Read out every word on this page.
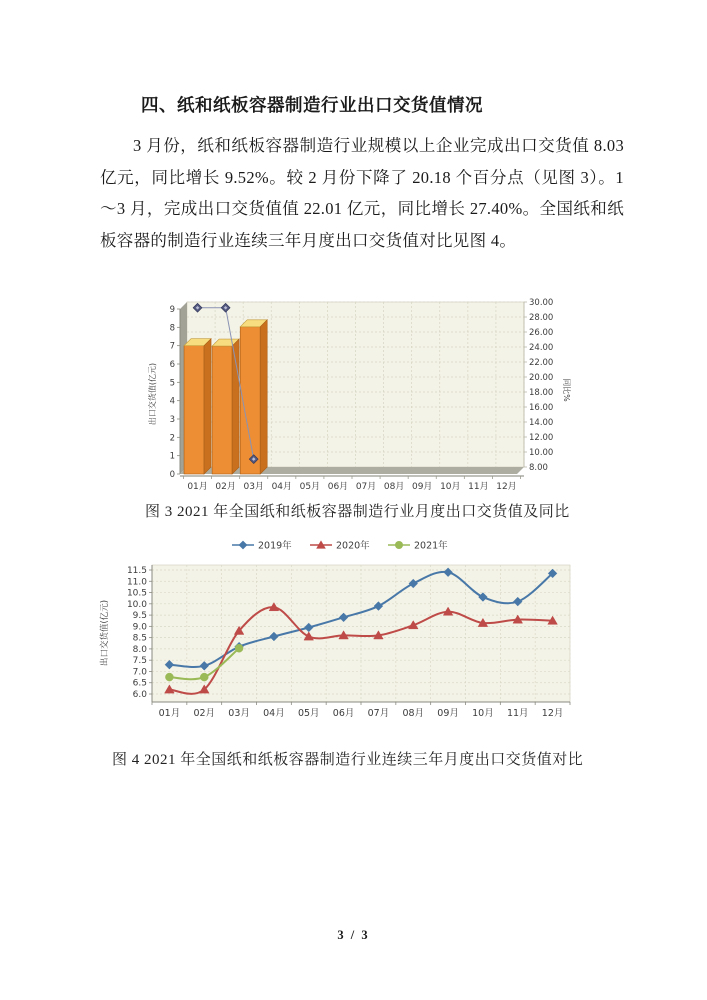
四、纸和纸板容器制造行业出口交货值情况

3 月份，纸和纸板容器制造行业规模以上企业完成出口交货值 8.03 亿元，同比增长 9.52%。较 2 月份下降了 20.18 个百分点（见图 3）。1～3 月，完成出口交货值值 22.01 亿元，同比增长 27.40%。全国纸和纸板容器的制造行业连续三年月度出口交货值对比见图 4。

0
1
2
3
4
5
6
7
8
9
8.00
10.00
12.00
14.00
16.00
18.00
20.00
22.00
24.00
26.00
28.00
30.00
01月 02月 03月 04月 05月 06月 07月 08月 09月 10月 11月 12月
出口交货值(亿元)	同比%
图 3 2021 年全国纸和纸板容器制造行业月度出口交货值及同比
6.0
6.5
7.0
7.5
8.0
8.5
9.0
9.5
10.0
10.5
11.0
11.5
01月 02月 03月 04月 05月 06月 07月 08月 09月 10月 11月 12月
出口交货值(亿元)
2019年	2020年	2021年
图 4 2021 年全国纸和纸板容器制造行业连续三年月度出口交货值对比
3 / 3
